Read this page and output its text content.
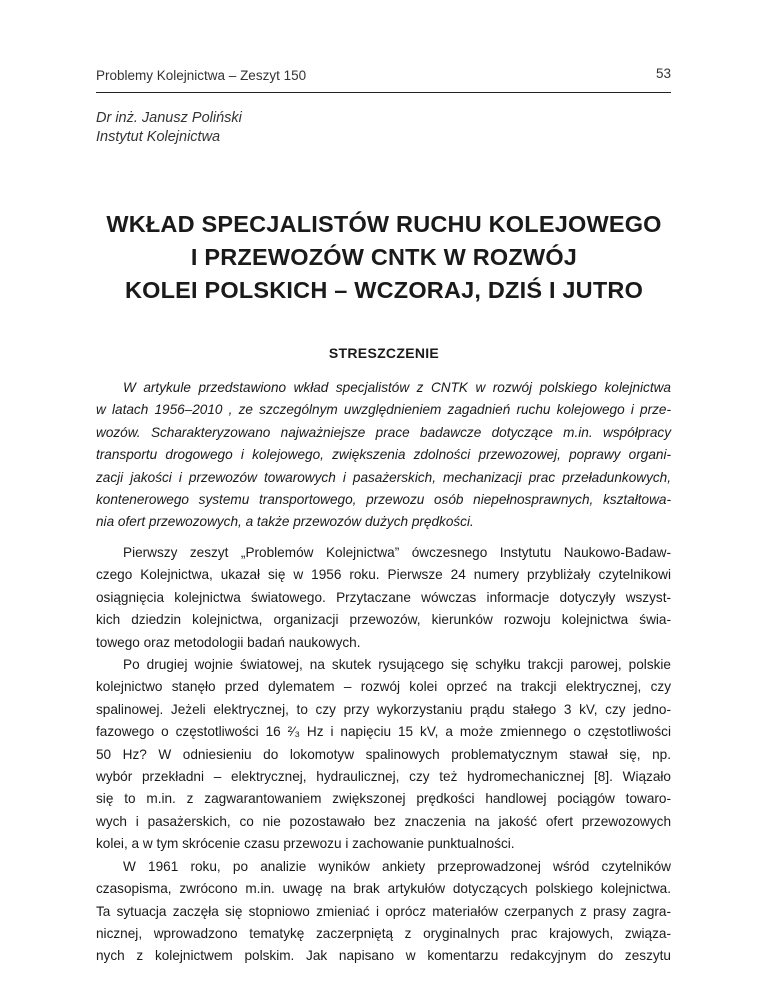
Problemy Kolejnictwa – Zeszyt 150	53
Dr inż. Janusz Poliński
Instytut Kolejnictwa
WKŁAD SPECJALISTÓW RUCHU KOLEJOWEGO
I PRZEWOZÓW CNTK W ROZWÓJ
KOLEI POLSKICH – WCZORAJ, DZIŚ I JUTRO
STRESZCZENIE
W artykule przedstawiono wkład specjalistów z CNTK w rozwój polskiego kolejnictwa
w latach 1956–2010 , ze szczególnym uwzględnieniem zagadnień ruchu kolejowego i prze-
wozów. Scharakteryzowano najważniejsze prace badawcze dotyczące m.in. współpracy
transportu drogowego i kolejowego, zwiększenia zdolności przewozowej, poprawy organi-
zacji jakości i przewozów towarowych i pasażerskich, mechanizacji prac przeładunkowych,
kontenerowego systemu transportowego, przewozu osób niepełnosprawnych, kształtowa-
nia ofert przewozowych, a także przewozów dużych prędkości.
Pierwszy zeszyt „Problemów Kolejnictwa” ówczesnego Instytutu Naukowo-Badaw-
czego Kolejnictwa, ukazał się w 1956 roku. Pierwsze 24 numery przybliżały czytelnikowi
osiągnięcia kolejnictwa światowego. Przytaczane wówczas informacje dotyczyły wszyst-
kich dziedzin kolejnictwa, organizacji przewozów, kierunków rozwoju kolejnictwa świa-
towego oraz metodologii badań naukowych.
Po drugiej wojnie światowej, na skutek rysującego się schyłku trakcji parowej, polskie
kolejnictwo stanęło przed dylematem – rozwój kolei oprzeć na trakcji elektrycznej, czy
spalinowej. Jeżeli elektrycznej, to czy przy wykorzystaniu prądu stałego 3 kV, czy jedno-
fazowego o częstotliwości 16 ²⁄₃ Hz i napięciu 15 kV, a może zmiennego o częstotliwości
50 Hz? W odniesieniu do lokomotyw spalinowych problematycznym stawał się, np.
wybór przekładni – elektrycznej, hydraulicznej, czy też hydromechanicznej [8]. Wiązało
się to m.in. z zagwarantowaniem zwiększonej prędkości handlowej pociągów towaro-
wych i pasażerskich, co nie pozostawało bez znaczenia na jakość ofert przewozowych
kolei, a w tym skrócenie czasu przewozu i zachowanie punktualności.
W 1961 roku, po analizie wyników ankiety przeprowadzonej wśród czytelników
czasopisma, zwrócono m.in. uwagę na brak artykułów dotyczących polskiego kolejnictwa.
Ta sytuacja zaczęła się stopniowo zmieniać i oprócz materiałów czerpanych z prasy zagra-
nicznej, wprowadzono tematykę zaczerpniętą z oryginalnych prac krajowych, związa-
nych z kolejnictwem polskim. Jak napisano w komentarzu redakcyjnym do zeszytu
